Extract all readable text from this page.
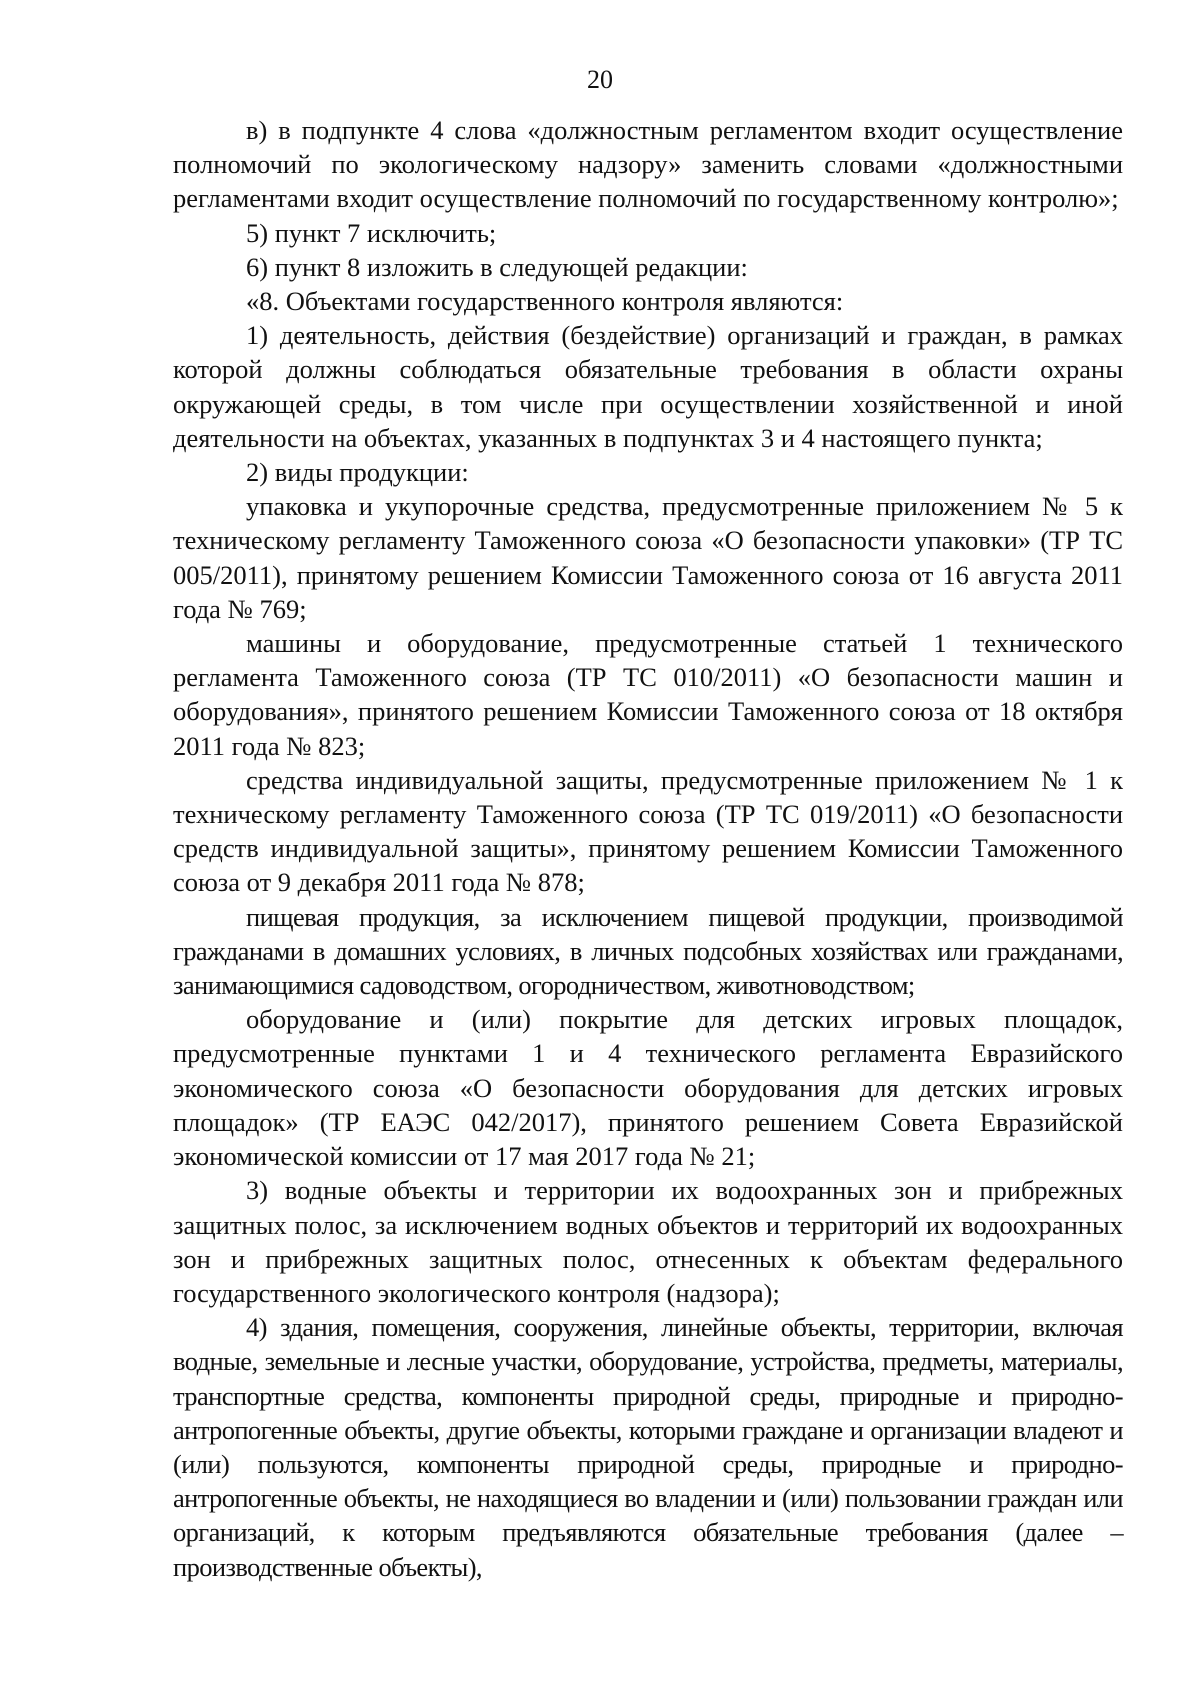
20

в) в подпункте 4 слова «должностным регламентом входит осуществление полномочий по экологическому надзору» заменить словами «должностными регламентами входит осуществление полномочий по государственному контролю»;

5) пункт 7 исключить;

6) пункт 8 изложить в следующей редакции:

«8. Объектами государственного контроля являются:

1) деятельность, действия (бездействие) организаций и граждан, в рамках которой должны соблюдаться обязательные требования в области охраны окружающей среды, в том числе при осуществлении хозяйственной и иной деятельности на объектах, указанных в подпунктах 3 и 4 настоящего пункта;

2) виды продукции:

упаковка и укупорочные средства, предусмотренные приложением № 5 к техническому регламенту Таможенного союза «О безопасности упаковки» (ТР ТС 005/2011), принятому решением Комиссии Таможенного союза от 16 августа 2011 года № 769;

машины и оборудование, предусмотренные статьей 1 технического регламента Таможенного союза (ТР ТС 010/2011) «О безопасности машин и оборудования», принятого решением Комиссии Таможенного союза от 18 октября 2011 года № 823;

средства индивидуальной защиты, предусмотренные приложением № 1 к техническому регламенту Таможенного союза (ТР ТС 019/2011) «О безопасности средств индивидуальной защиты», принятому решением Комиссии Таможенного союза от 9 декабря 2011 года № 878;

пищевая продукция, за исключением пищевой продукции, производимой гражданами в домашних условиях, в личных подсобных хозяйствах или гражданами, занимающимися садоводством, огородничеством, животноводством;

оборудование и (или) покрытие для детских игровых площадок, предусмотренные пунктами 1 и 4 технического регламента Евразийского экономического союза «О безопасности оборудования для детских игровых площадок» (ТР ЕАЭС 042/2017), принятого решением Совета Евразийской экономической комиссии от 17 мая 2017 года № 21;

3) водные объекты и территории их водоохранных зон и прибрежных защитных полос, за исключением водных объектов и территорий их водоохранных зон и прибрежных защитных полос, отнесенных к объектам федерального государственного экологического контроля (надзора);

4) здания, помещения, сооружения, линейные объекты, территории, включая водные, земельные и лесные участки, оборудование, устройства, предметы, материалы, транспортные средства, компоненты природной среды, природные и природно-антропогенные объекты, другие объекты, которыми граждане и организации владеют и (или) пользуются, компоненты природной среды, природные и природно-антропогенные объекты, не находящиеся во владении и (или) пользовании граждан или организаций, к которым предъявляются обязательные требования (далее – производственные объекты),
